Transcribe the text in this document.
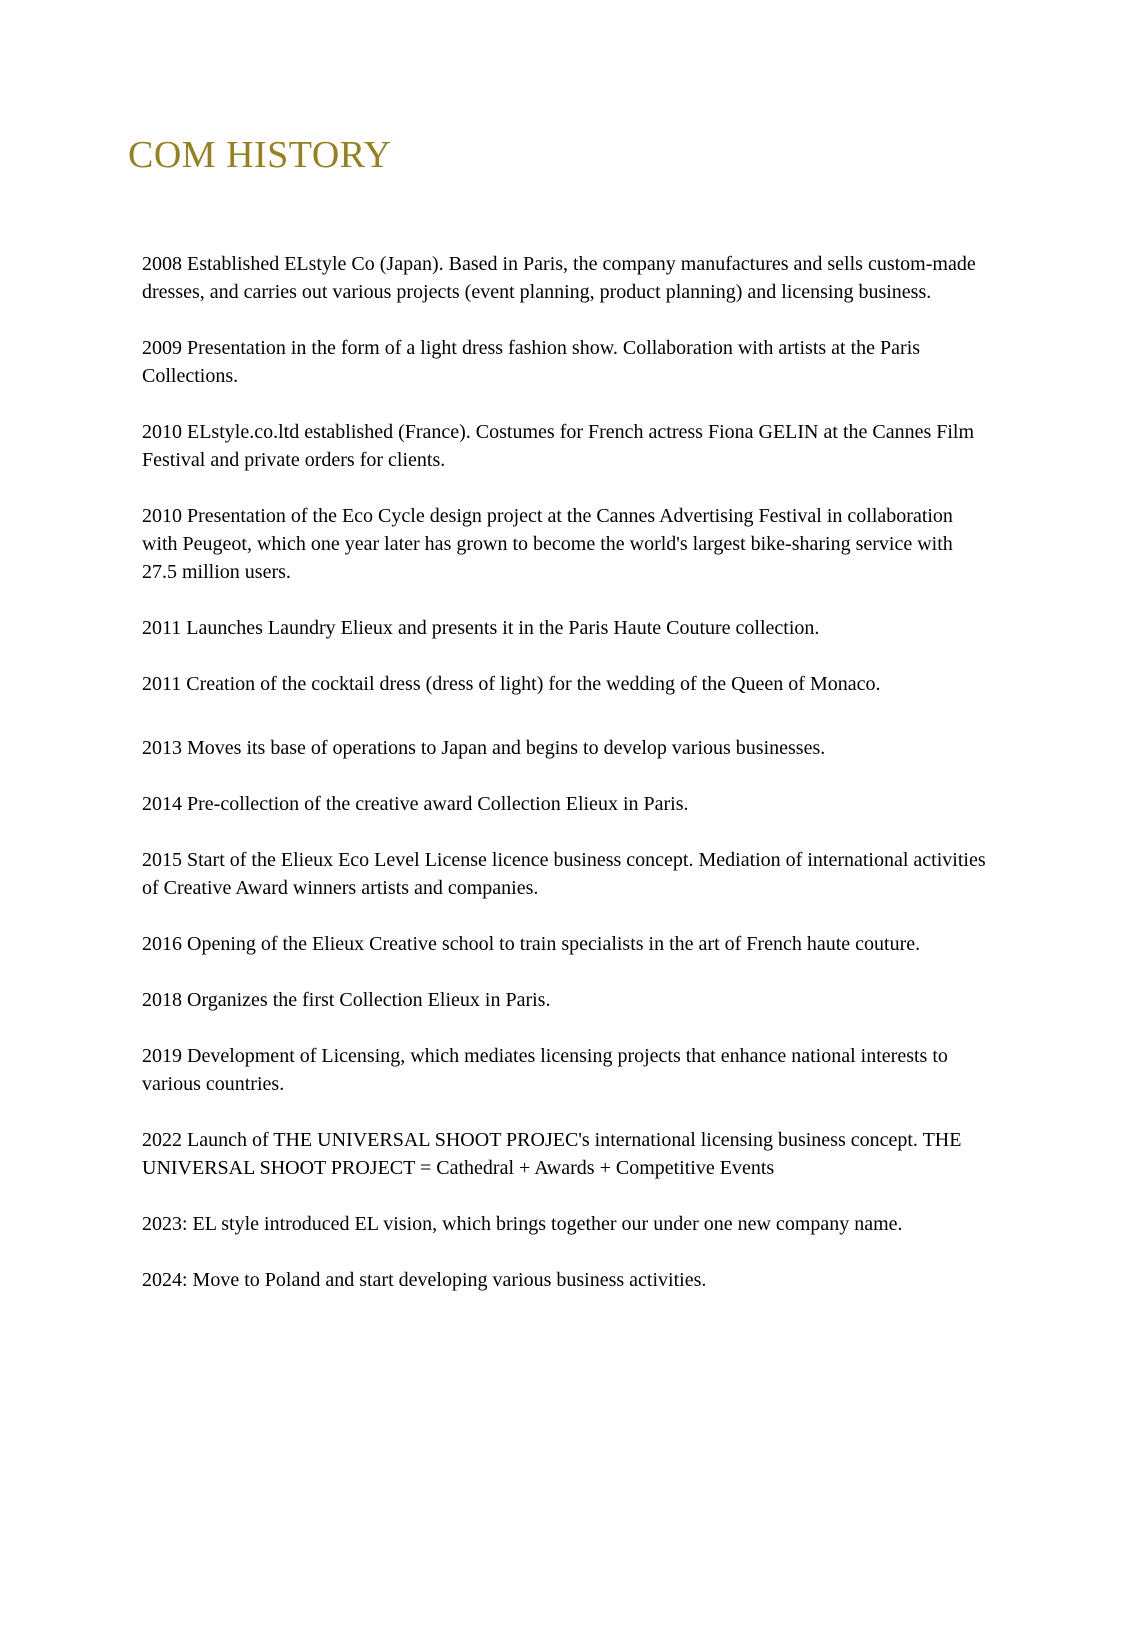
COM HISTORY

2008 Established ELstyle Co (Japan). Based in Paris, the company manufactures and sells custom-made dresses, and carries out various projects (event planning, product planning) and licensing business.

2009 Presentation in the form of a light dress fashion show. Collaboration with artists at the Paris Collections.

2010 ELstyle.co.ltd established (France). Costumes for French actress Fiona GELIN at the Cannes Film Festival and private orders for clients.

2010 Presentation of the Eco Cycle design project at the Cannes Advertising Festival in collaboration with Peugeot, which one year later has grown to become the world's largest bike-sharing service with 27.5 million users.

2011 Launches Laundry Elieux and presents it in the Paris Haute Couture collection.

2011 Creation of the cocktail dress (dress of light) for the wedding of the Queen of Monaco.

2013 Moves its base of operations to Japan and begins to develop various businesses.

2014 Pre-collection of the creative award Collection Elieux in Paris.

2015 Start of the Elieux Eco Level License licence business concept. Mediation of international activities of Creative Award winners artists and companies.

2016 Opening of the Elieux Creative school to train specialists in the art of French haute couture.

2018 Organizes the first Collection Elieux in Paris.

2019 Development of Licensing, which mediates licensing projects that enhance national interests to various countries.

2022 Launch of THE UNIVERSAL SHOOT PROJEC's international licensing business concept. THE UNIVERSAL SHOOT PROJECT = Cathedral + Awards + Competitive Events

2023: EL style introduced EL vision, which brings together our under one new company name.

2024: Move to Poland and start developing various business activities.
